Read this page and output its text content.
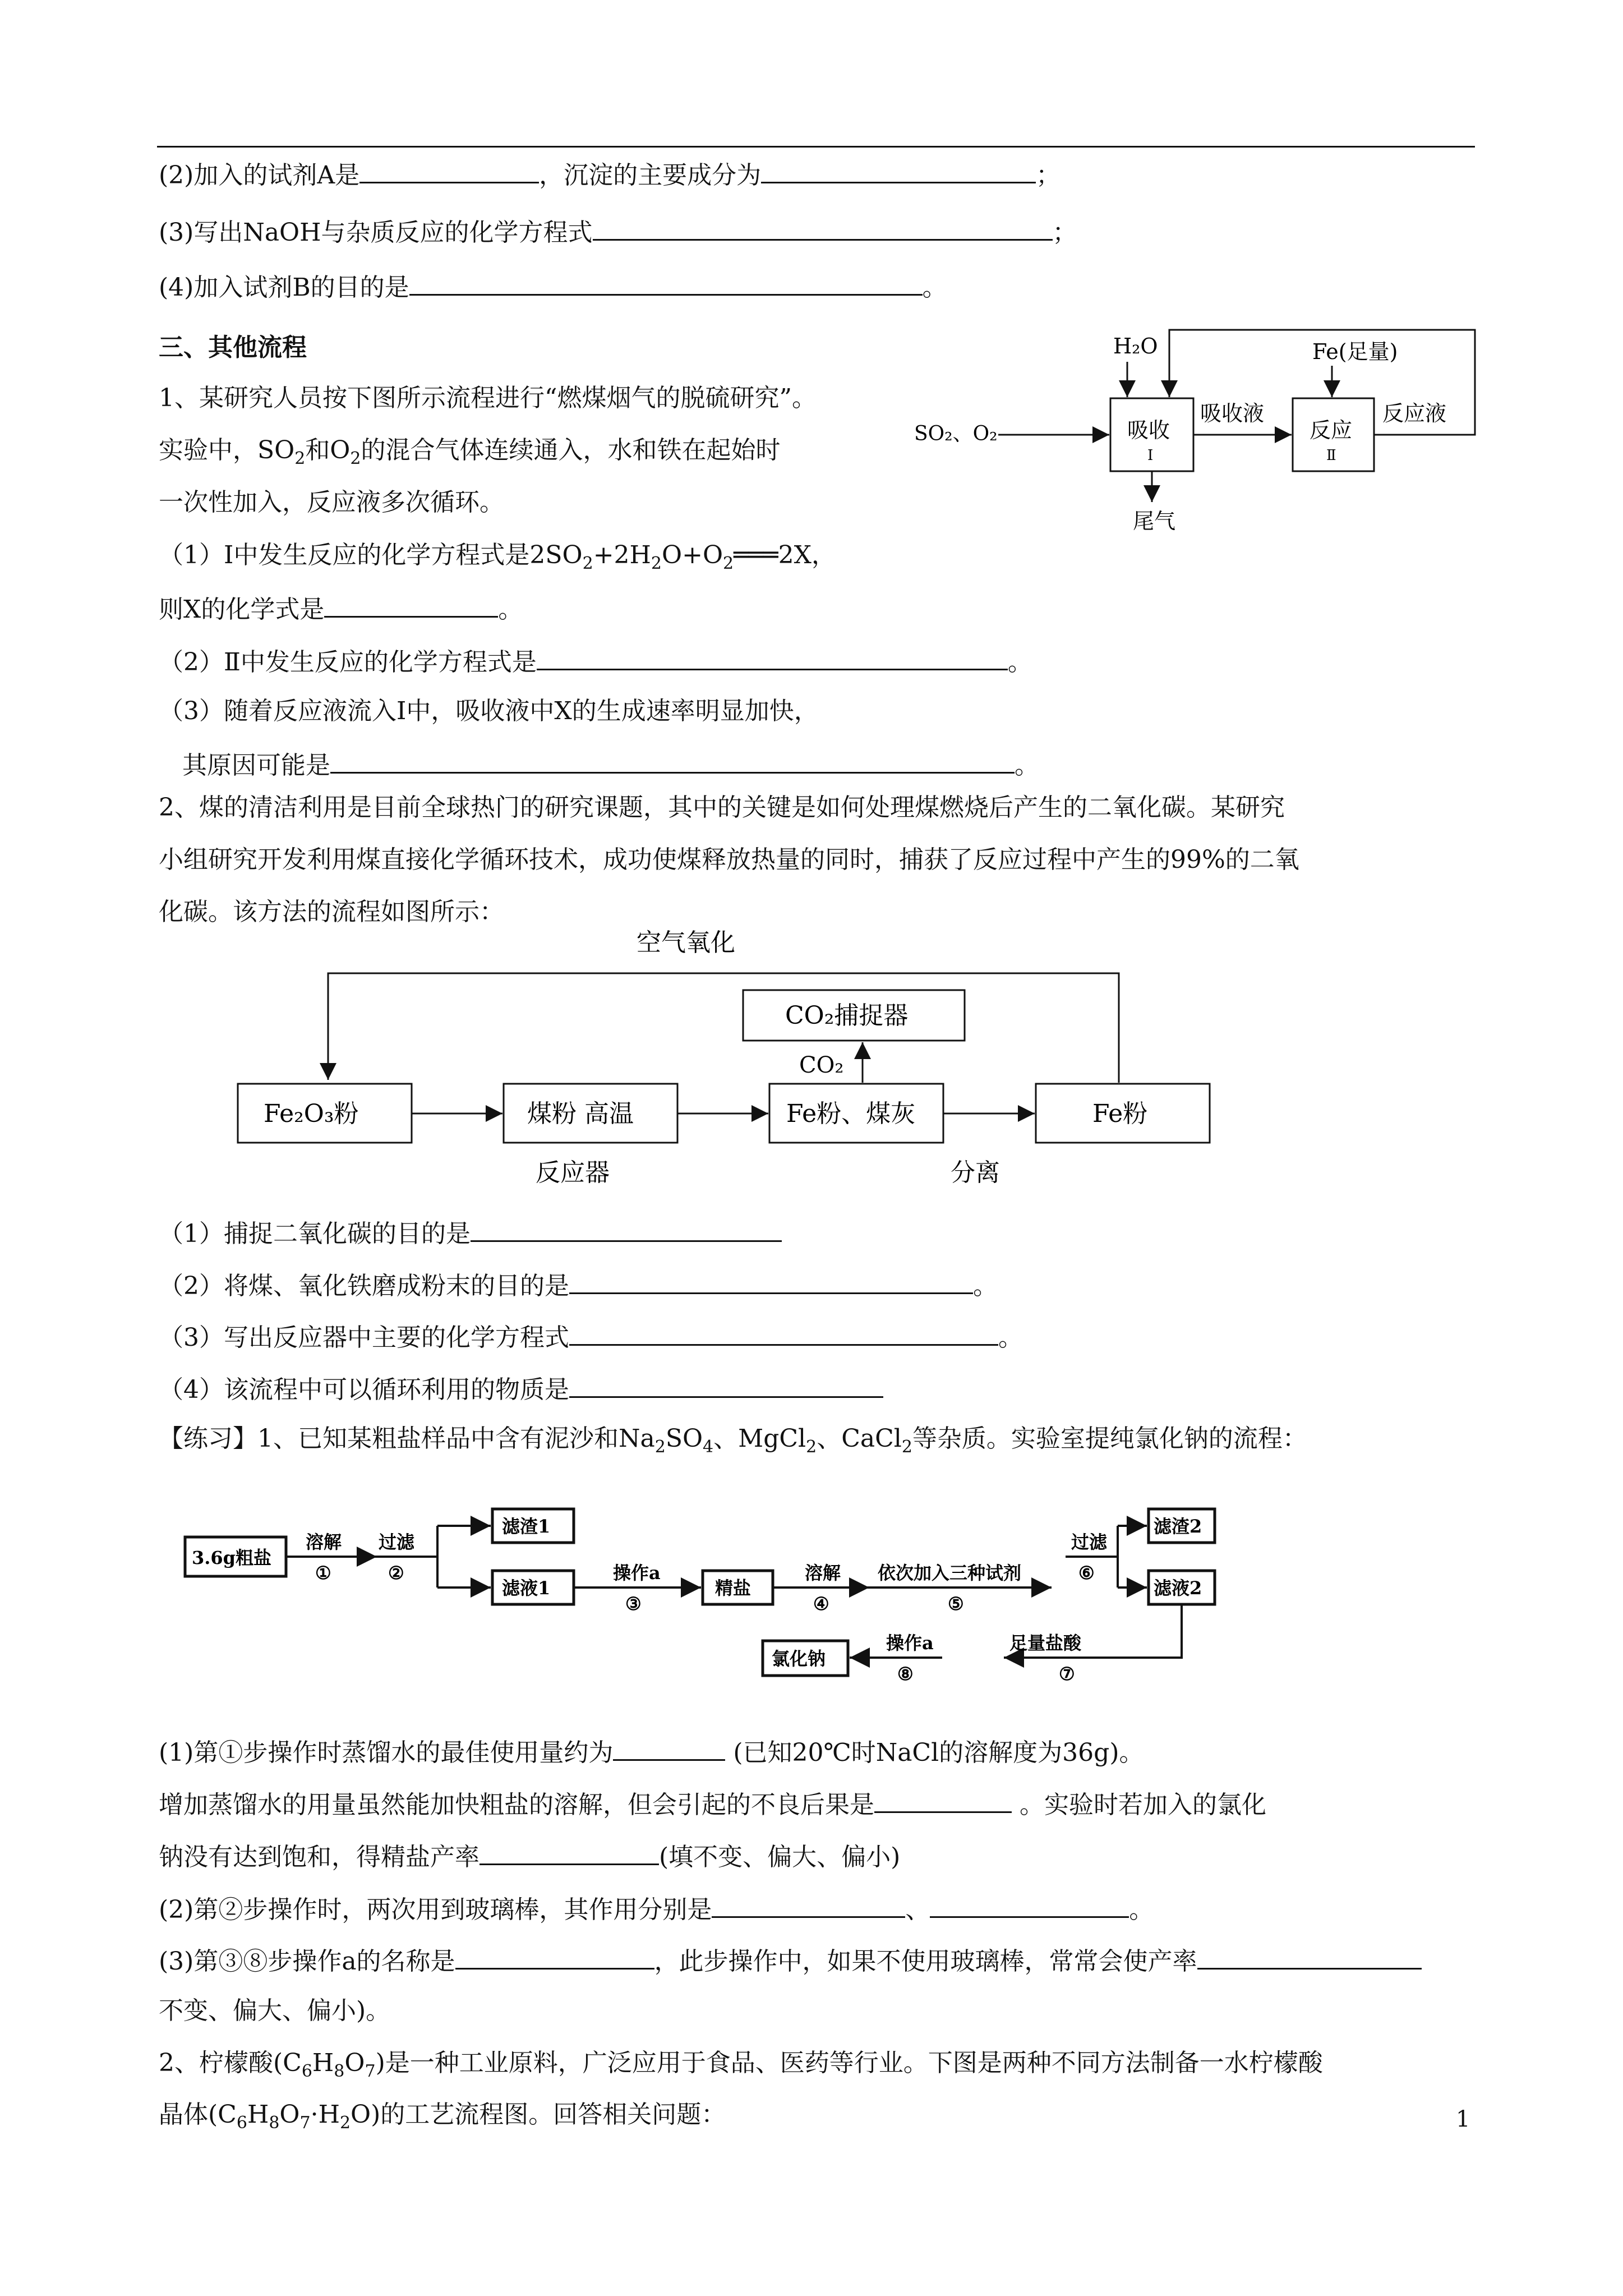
(2)加入的试剂A是	，沉淀的主要成分为	；
(3)写出NaOH与杂质反应的化学方程式	；
(4)加入试剂B的目的是	。
三、其他流程
1、某研究人员按下图所示流程进行“燃煤烟气的脱硫研究”。
实验中，$SO_2$和$O_2$的混合气体连续通入，水和铁在起始时
一次性加入，反应液多次循环。
（1）Ⅰ中发生反应的化学方程式是$2SO_2+2H_2O+O_2═══2X$，
则X的化学式是	。
（2）Ⅱ中发生反应的化学方程式是	。
（3）随着反应液流入Ⅰ中，吸收液中X的生成速率明显加快，
其原因可能是	。
H₂O	Fe(足量)
SO₂、O₂	吸收
Ⅰ
吸收液
反应
Ⅱ
反应液
尾气
2、煤的清洁利用是目前全球热门的研究课题，其中的关键是如何处理煤燃烧后产生的二氧化碳。某研究
小组研究开发利用煤直接化学循环技术，成功使煤释放热量的同时，捕获了反应过程中产生的99%的二氧
化碳。该方法的流程如图所示：
空气氧化
CO₂捕捉器
CO₂
Fe₂O₃粉	煤粉 高温	Fe粉、煤灰	Fe粉
反应器	分离
（1）捕捉二氧化碳的目的是
（2）将煤、氧化铁磨成粉末的目的是	。
（3）写出反应器中主要的化学方程式	。
（4）该流程中可以循环利用的物质是
【练习】1、已知某粗盐样品中含有泥沙和$Na_2SO_4$、MgCl$_2$、CaCl$_2$等杂质。实验室提纯氯化钠的流程：
3.6g粗盐
溶解
①
过滤
②
滤渣1
滤液1
操作a
③
精盐
溶解
④
依次加入三种试剂
⑤
过滤
⑥
滤渣2
滤液2
足量盐酸
⑦
操作a
⑧
氯化钠
(1)第①步操作时蒸馏水的最佳使用量约为	(已知20℃时NaCl的溶解度为36g)。
增加蒸馏水的用量虽然能加快粗盐的溶解，但会引起的不良后果是	。实验时若加入的氯化
钠没有达到饱和，得精盐产率	(填不变、偏大、偏小)
(2)第②步操作时，两次用到玻璃棒，其作用分别是	、	。
(3)第③⑧步操作a的名称是	，此步操作中，如果不使用玻璃棒，常常会使产率
不变、偏大、偏小)。
2、柠檬酸$(C_6H_8O_7)$是一种工业原料，广泛应用于食品、医药等行业。下图是两种不同方法制备一水柠檬酸
晶体$(C_6H_8O_7\cdot H_2O)$的工艺流程图。回答相关问题：	1
